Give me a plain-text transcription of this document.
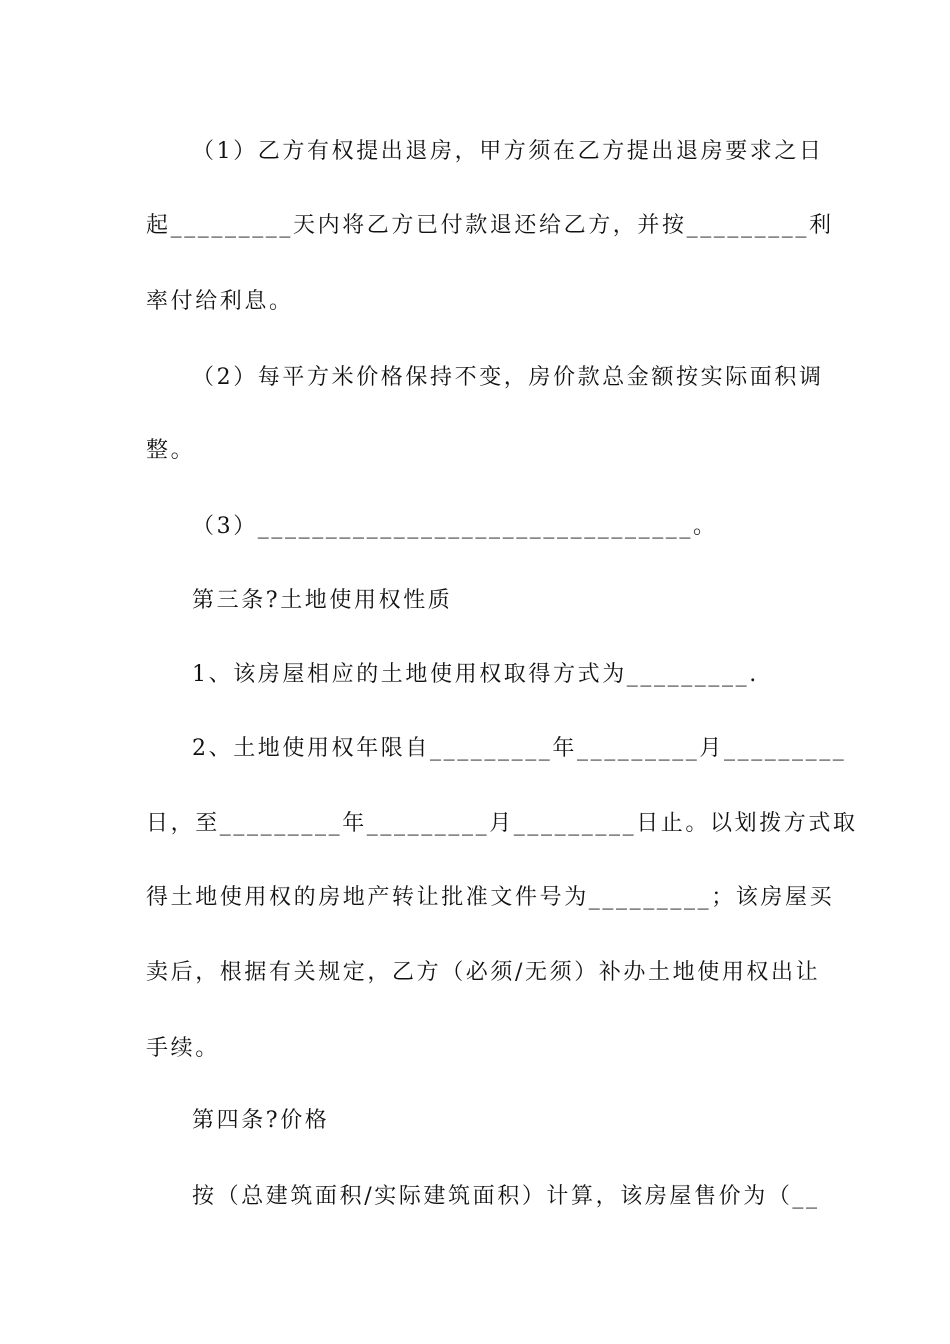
（1）乙方有权提出退房，甲方须在乙方提出退房要求之日
起_________天内将乙方已付款退还给乙方，并按_________利
率付给利息。
（2）每平方米价格保持不变，房价款总金额按实际面积调
整。
（3）________________________________。
第三条?土地使用权性质
1、该房屋相应的土地使用权取得方式为_________.
2、土地使用权年限自_________年_________月_________
日，至_________年_________月_________日止。以划拨方式取
得土地使用权的房地产转让批准文件号为_________；该房屋买
卖后，根据有关规定，乙方（必须/无须）补办土地使用权出让
手续。
第四条?价格
按（总建筑面积/实际建筑面积）计算，该房屋售价为（__
